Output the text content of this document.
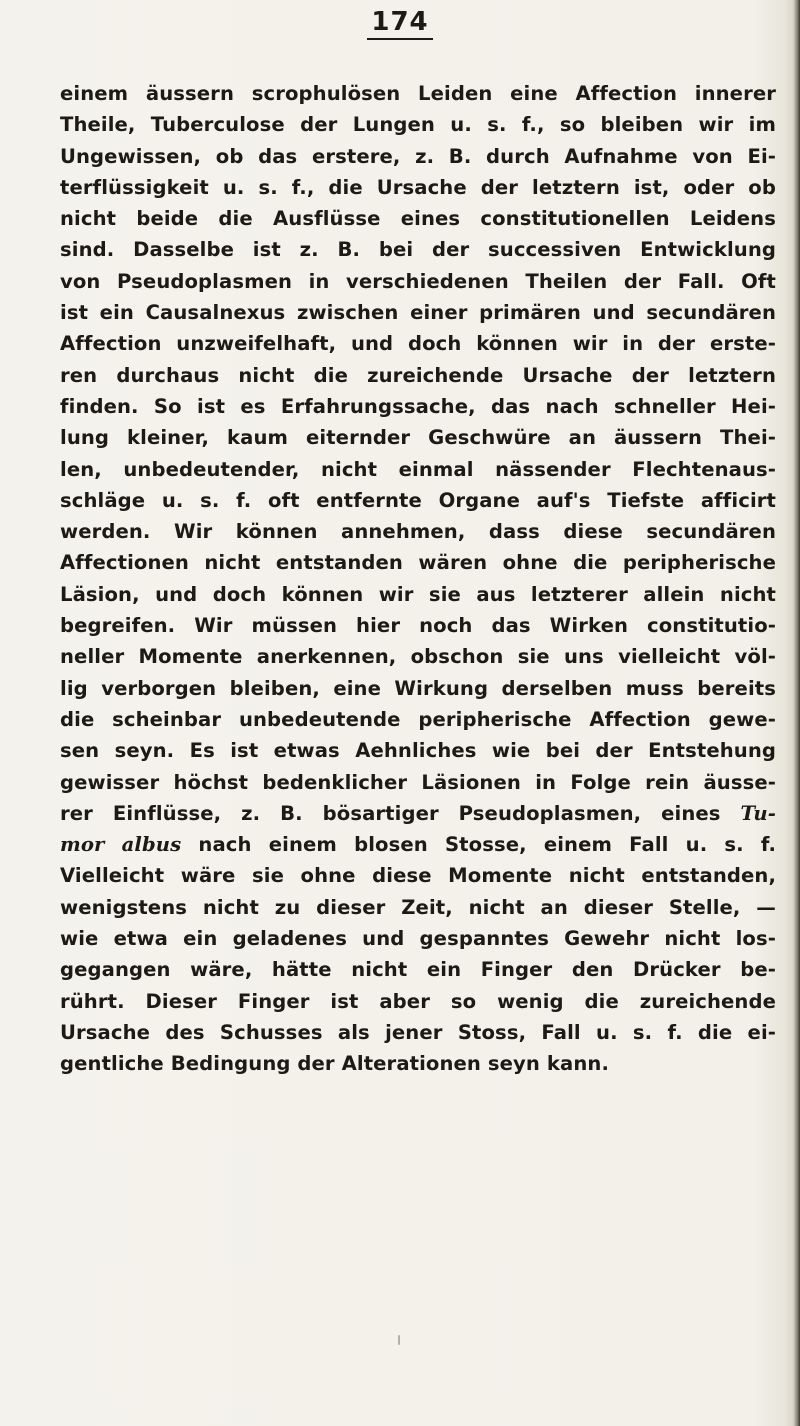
174
einem äussern scrophulösen Leiden eine Affection innerer
Theile, Tuberculose der Lungen u. s. f., so bleiben wir im
Ungewissen, ob das erstere, z. B. durch Aufnahme von Ei-
terflüssigkeit u. s. f., die Ursache der letztern ist, oder ob
nicht beide die Ausflüsse eines constitutionellen Leidens
sind. Dasselbe ist z. B. bei der successiven Entwicklung
von Pseudoplasmen in verschiedenen Theilen der Fall. Oft
ist ein Causalnexus zwischen einer primären und secundären
Affection unzweifelhaft, und doch können wir in der erste-
ren durchaus nicht die zureichende Ursache der letztern
finden. So ist es Erfahrungssache, das nach schneller Hei-
lung kleiner, kaum eiternder Geschwüre an äussern Thei-
len, unbedeutender, nicht einmal nässender Flechtenaus-
schläge u. s. f. oft entfernte Organe auf's Tiefste afficirt
werden. Wir können annehmen, dass diese secundären
Affectionen nicht entstanden wären ohne die peripherische
Läsion, und doch können wir sie aus letzterer allein nicht
begreifen. Wir müssen hier noch das Wirken constitutio-
neller Momente anerkennen, obschon sie uns vielleicht völ-
lig verborgen bleiben, eine Wirkung derselben muss bereits
die scheinbar unbedeutende peripherische Affection gewe-
sen seyn. Es ist etwas Aehnliches wie bei der Entstehung
gewisser höchst bedenklicher Läsionen in Folge rein äusse-
rer Einflüsse, z. B. bösartiger Pseudoplasmen, eines Tu-
mor albus nach einem blosen Stosse, einem Fall u. s. f.
Vielleicht wäre sie ohne diese Momente nicht entstanden,
wenigstens nicht zu dieser Zeit, nicht an dieser Stelle, —
wie etwa ein geladenes und gespanntes Gewehr nicht los-
gegangen wäre, hätte nicht ein Finger den Drücker be-
rührt. Dieser Finger ist aber so wenig die zureichende
Ursache des Schusses als jener Stoss, Fall u. s. f. die ei-
gentliche Bedingung der Alterationen seyn kann.
